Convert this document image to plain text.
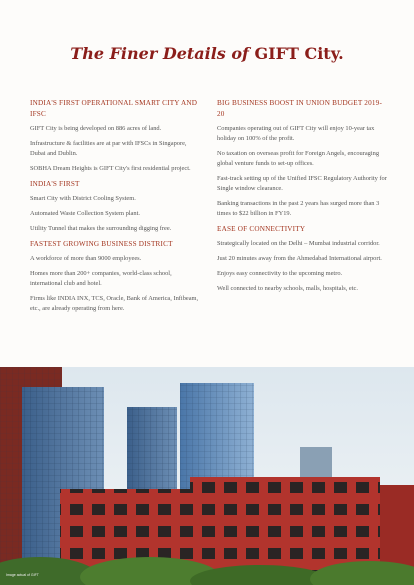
The Finer Details of GIFT City.
INDIA'S FIRST OPERATIONAL SMART CITY AND IFSC
GIFT City is being developed on 886 acres of land.
Infrastructure & facilities are at par with IFSCs in Singapore, Dubai and Dublin.
SOBHA Dream Heights is GIFT City's first residential project.
INDIA'S FIRST
Smart City with District Cooling System.
Automated Waste Collection System plant.
Utility Tunnel that makes the surrounding digging free.
FASTEST GROWING BUSINESS DISTRICT
A workforce of more than 9000 employees.
Homes more than 200+ companies, world-class school, international club and hotel.
Firms like INDIA INX, TCS, Oracle, Bank of America, Infibeam, etc., are already operating from here.
BIG BUSINESS BOOST IN UNION BUDGET 2019-20
Companies operating out of GIFT City will enjoy 10-year tax holiday on 100% of the profit.
No taxation on overseas profit for Foreign Angels, encouraging global venture funds to set-up offices.
Fast-track setting up of the Unified IFSC Regulatory Authority for Single window clearance.
Banking transactions in the past 2 years has surged more than 3 times to $22 billion in FY19.
EASE OF CONNECTIVITY
Strategically located on the Delhi – Mumbai industrial corridor.
Just 20 minutes away from the Ahmedabad International airport.
Enjoys easy connectivity to the upcoming metro.
Well connected to nearby schools, malls, hospitals, etc.
Image actual of GIFT
